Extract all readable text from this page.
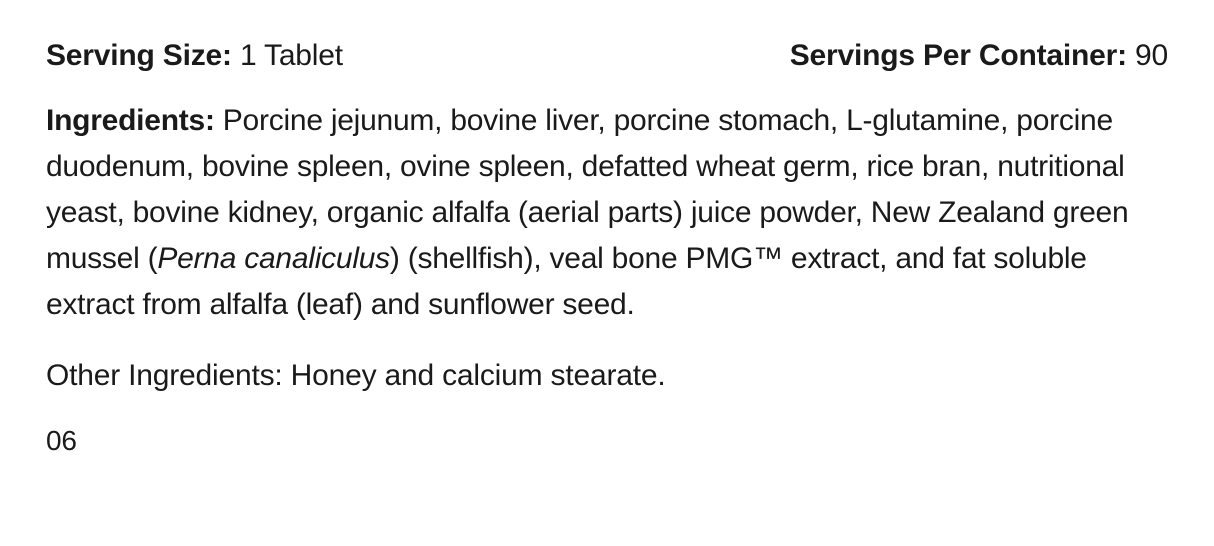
Serving Size: 1 Tablet	Servings Per Container: 90

Ingredients: Porcine jejunum, bovine liver, porcine stomach, L-glutamine, porcine duodenum, bovine spleen, ovine spleen, defatted wheat germ, rice bran, nutritional yeast, bovine kidney, organic alfalfa (aerial parts) juice powder, New Zealand green mussel (Perna canaliculus) (shellfish), veal bone PMG™ extract, and fat soluble extract from alfalfa (leaf) and sunflower seed.

Other Ingredients: Honey and calcium stearate.

06
